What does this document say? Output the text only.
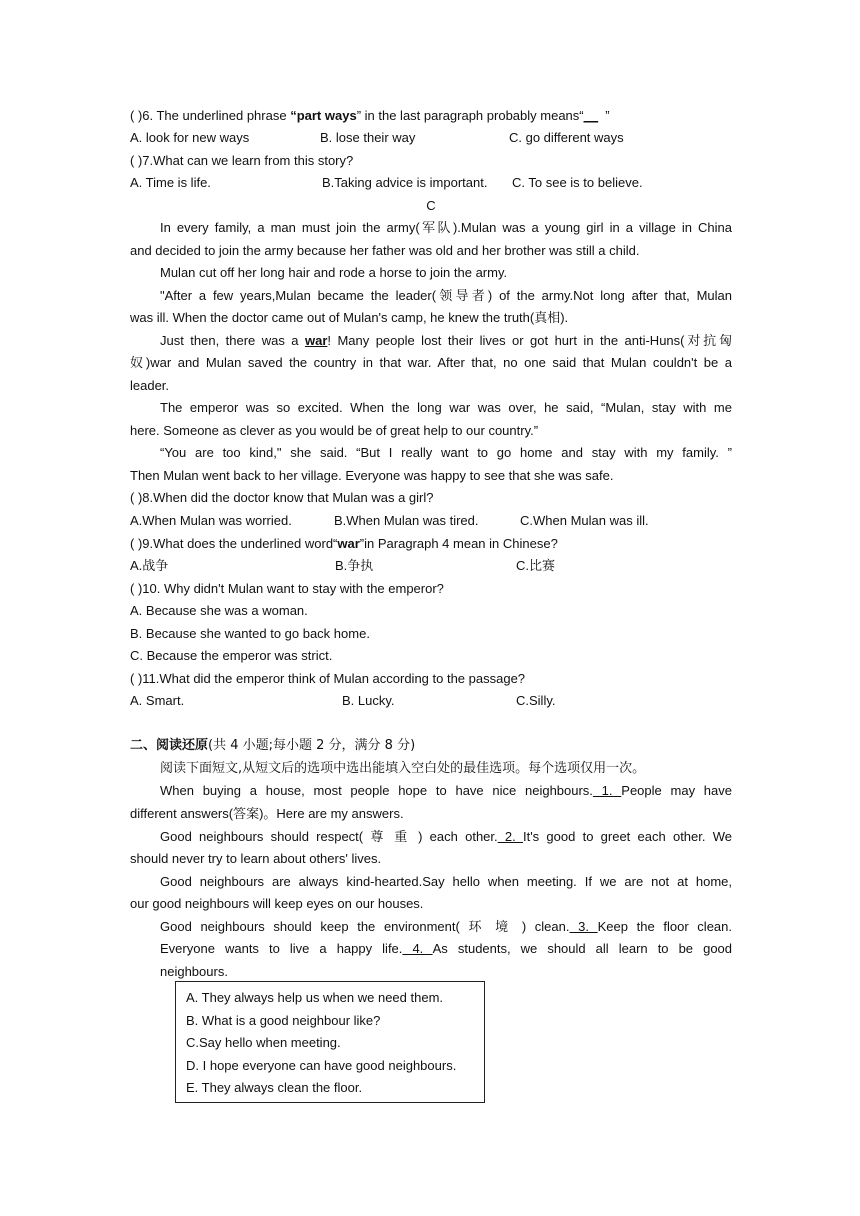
( )6. The underlined phrase “part ways” in the last paragraph probably means“__ ”
A. look for new ways	B. lose their way	C. go different ways
( )7.What can we learn from this story?
A. Time is life.	B.Taking advice is important. C. To see is to believe.
C
In every family, a man must join the army(军队).Mulan was a young girl in a village in China
and decided to join the army because her father was old and her brother was still a child.
Mulan cut off her long hair and rode a horse to join the army.
"After a few years,Mulan became the leader(领导者) of the army.Not long after that, Mulan
was ill. When the doctor came out of Mulan's camp, he knew the truth(真相).
Just then, there was a war! Many people lost their lives or got hurt in the anti-Huns(对抗匈
奴)war and Mulan saved the country in that war. After that, no one said that Mulan couldn't be a
leader.
The emperor was so excited. When the long war was over, he said, “Mulan, stay with me
here. Someone as clever as you would be of great help to our country.”
“You are too kind," she said. “But I really want to go home and stay with my family. ”
Then Mulan went back to her village. Everyone was happy to see that she was safe.
( )8.When did the doctor know that Mulan was a girl?
A.When Mulan was worried.	B.When Mulan was tired.	C.When Mulan was ill.
( )9.What does the underlined word“war”in Paragraph 4 mean in Chinese?
A.战争	B.争执	C.比赛
( )10. Why didn't Mulan want to stay with the emperor?
A. Because she was a woman.
B. Because she wanted to go back home.
C. Because the emperor was strict.
( )11.What did the emperor think of Mulan according to the passage?
A. Smart.	B. Lucky.	C.Silly.
二、阅读还原(共 4 小题;每小题 2 分，满分 8 分)
阅读下面短文,从短文后的选项中选出能填入空白处的最佳选项。每个选项仅用一次。
When buying a house, most people hope to have nice neighbours. 1. People may have
different answers(答案)。Here are my answers.
Good neighbours should respect( 尊 重 ) each other. 2. It's good to greet each other. We
should never try to learn about others' lives.
Good neighbours are always kind-hearted.Say hello when meeting. If we are not at home,
our good neighbours will keep eyes on our houses.
Good neighbours should keep the environment( 环 境 ) clean. 3. Keep the floor clean.
Everyone wants to live a happy life. 4. As students, we should all learn to be good
neighbours.
A. They always help us when we need them.
B. What is a good neighbour like?
C.Say hello when meeting.
D. I hope everyone can have good neighbours.
E. They always clean the floor.
